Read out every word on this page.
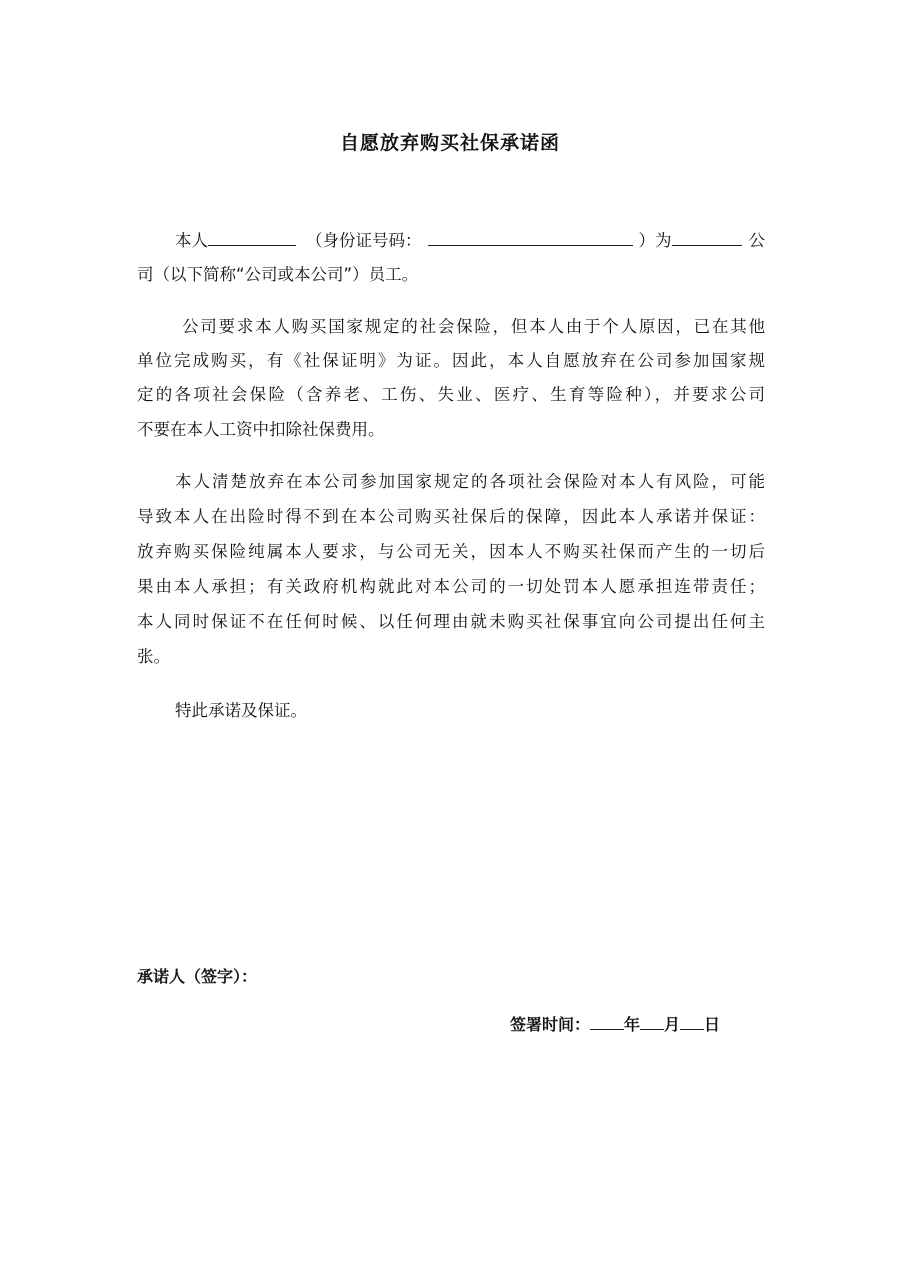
自愿放弃购买社保承诺函
本人	（身份证号码：	）为	公
司（以下简称“公司或本公司”）员工。
公司要求本人购买国家规定的社会保险，但本人由于个人原因，已在其他
单位完成购买，有《社保证明》为证。因此，本人自愿放弃在公司参加国家规
定的各项社会保险（含养老、工伤、失业、医疗、生育等险种），并要求公司
不要在本人工资中扣除社保费用。
本人清楚放弃在本公司参加国家规定的各项社会保险对本人有风险，可能
导致本人在出险时得不到在本公司购买社保后的保障，因此本人承诺并保证：
放弃购买保险纯属本人要求，与公司无关，因本人不购买社保而产生的一切后
果由本人承担；有关政府机构就此对本公司的一切处罚本人愿承担连带责任；
本人同时保证不在任何时候、以任何理由就未购买社保事宜向公司提出任何主
张。
特此承诺及保证。
承诺人（签字）：
签署时间： 年 月 日
